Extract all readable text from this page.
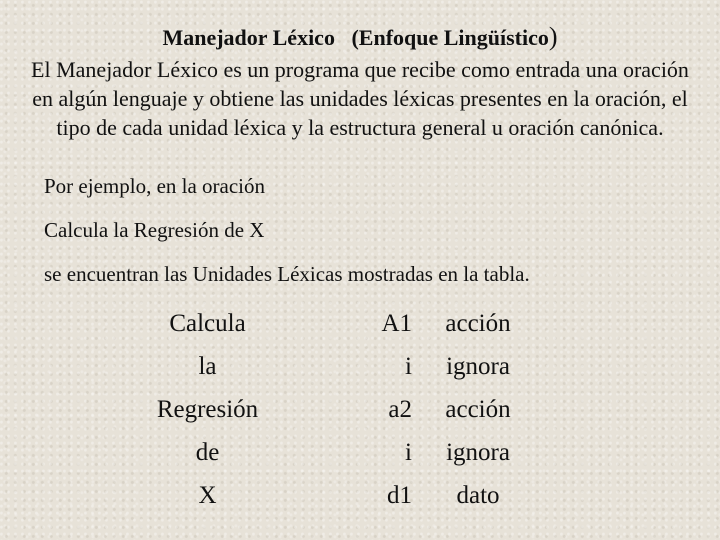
Manejador Léxico (Enfoque Lingüístico)
El Manejador Léxico es un programa que recibe como entrada una oración en algún lenguaje y obtiene las unidades léxicas presentes en la oración, el tipo de cada unidad léxica y la estructura general u oración canónica.
Por ejemplo, en la oración
Calcula la Regresión de X
se encuentran las Unidades Léxicas mostradas en la tabla.
Calcula	A1	acción
la	i	ignora
Regresión	a2	acción
de	i	ignora
X	d1	dato
